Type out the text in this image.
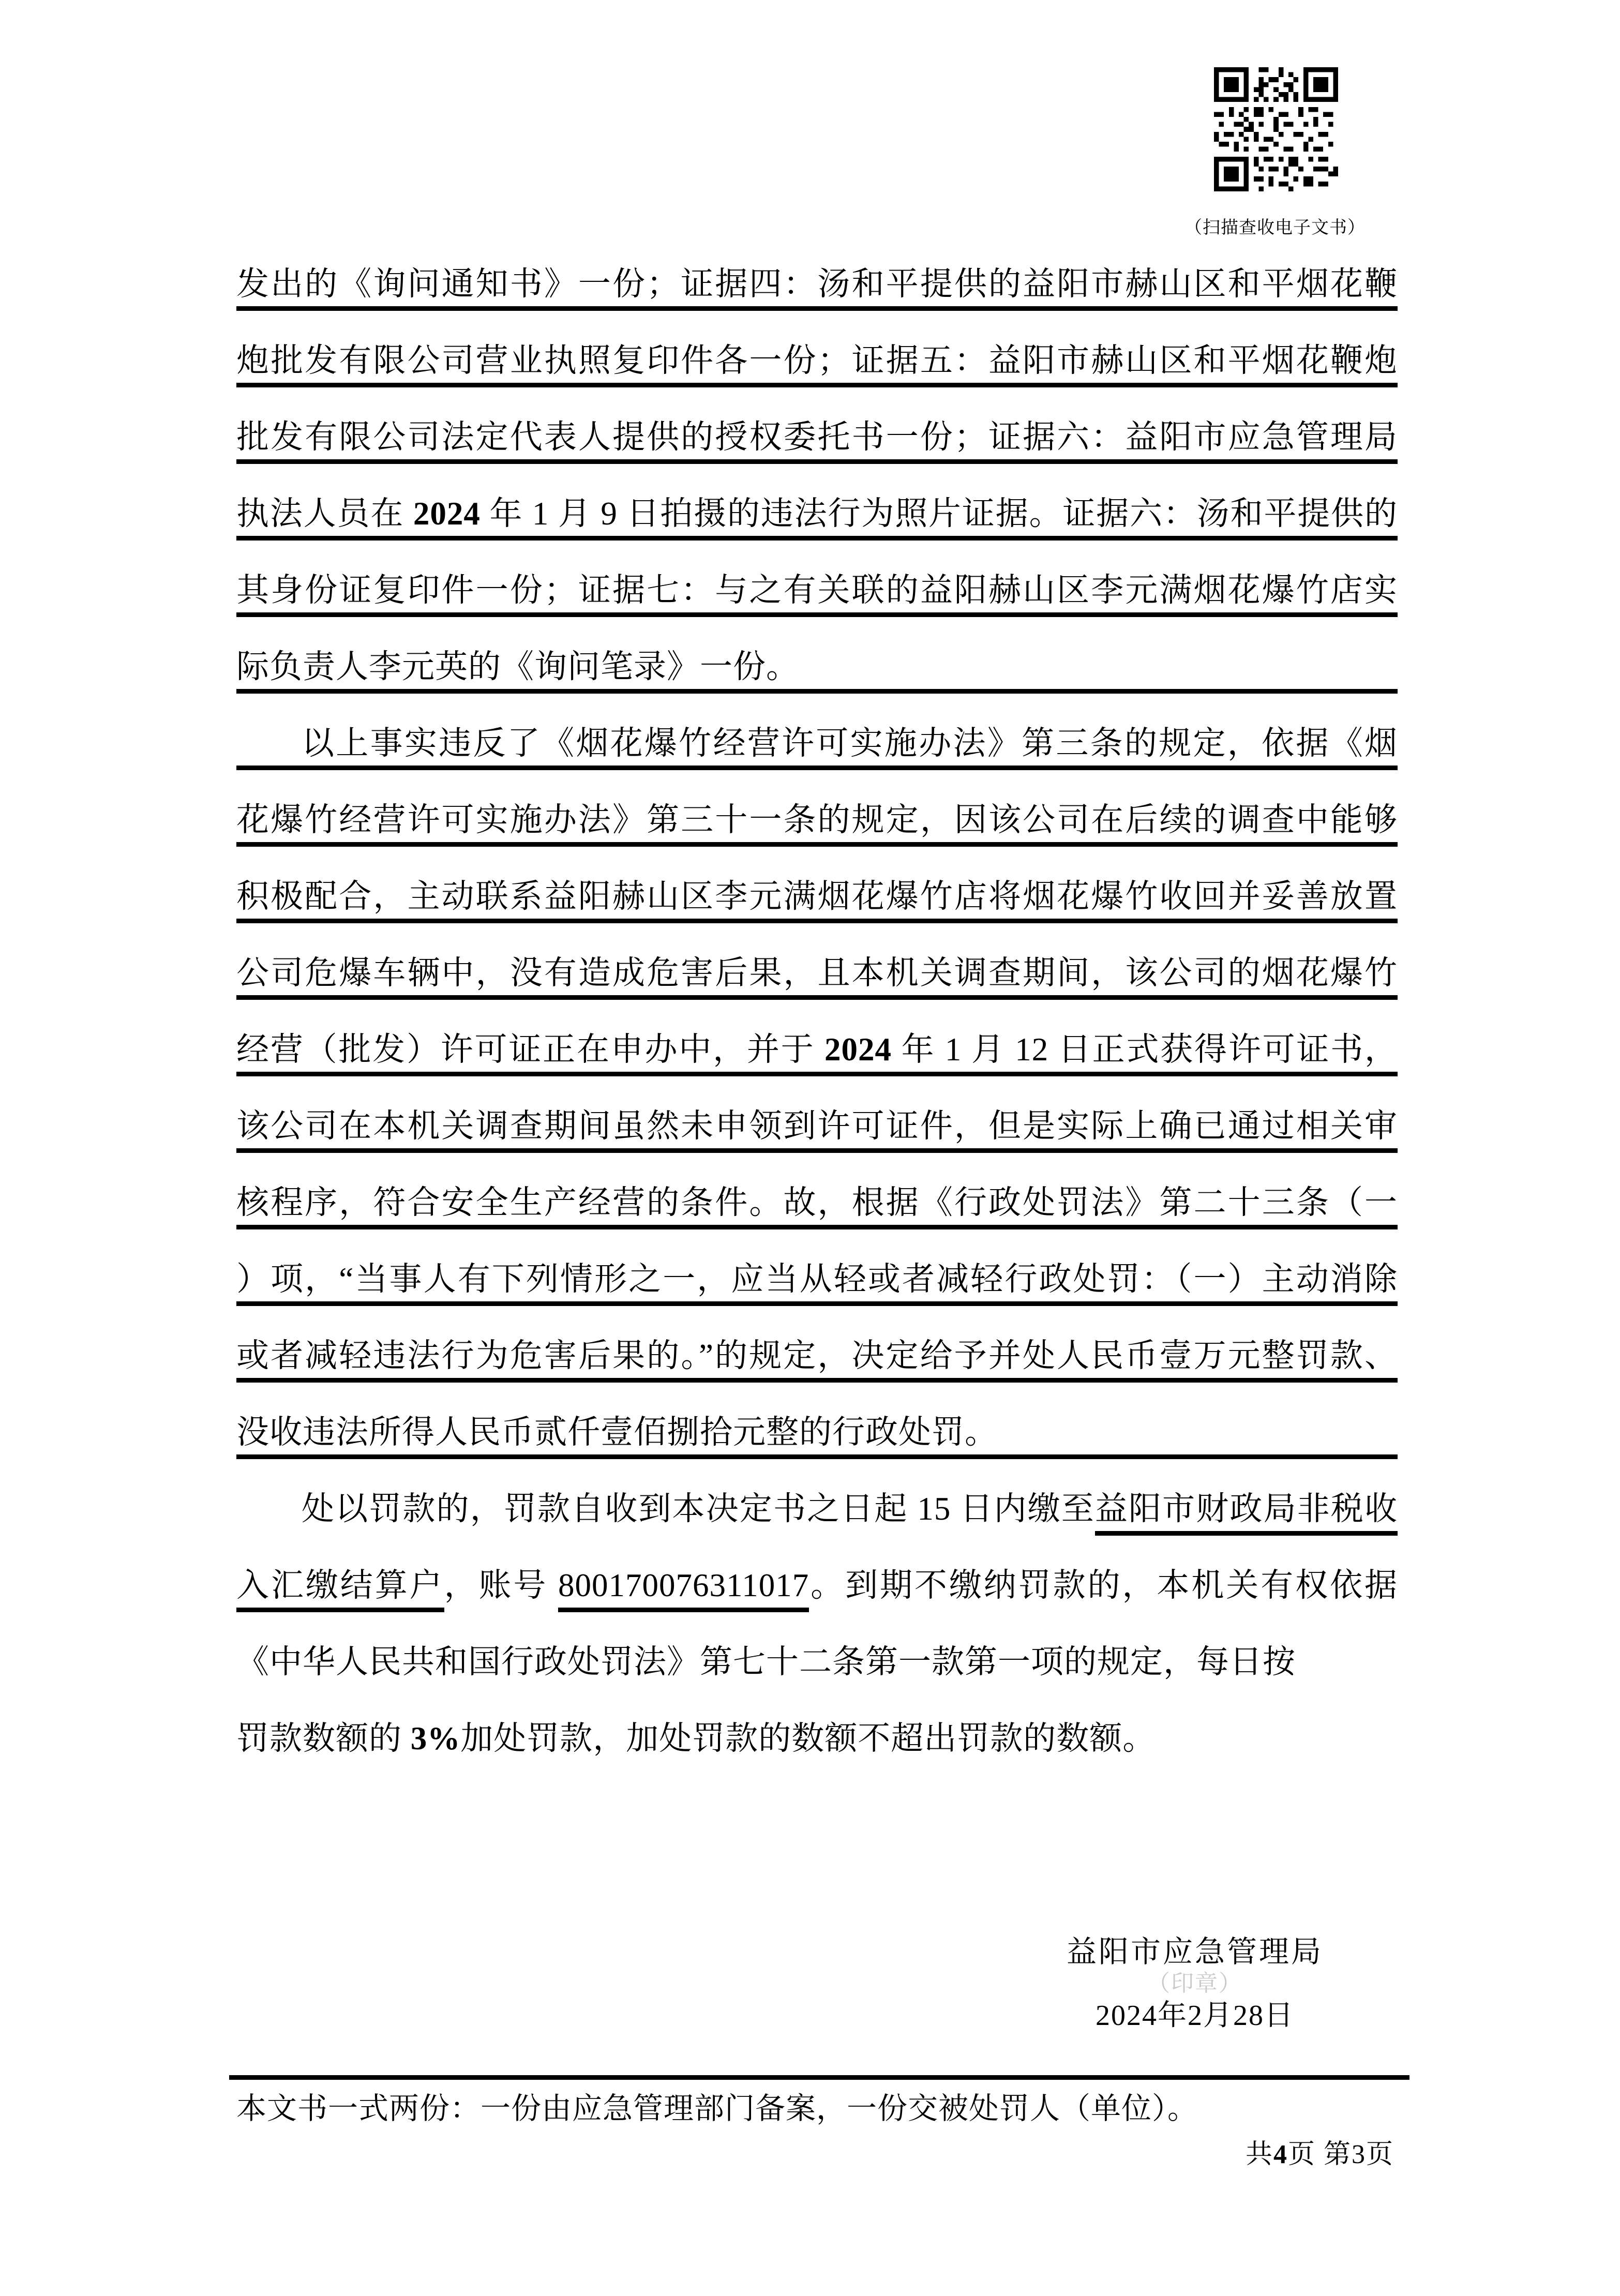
（扫描查收电子文书）
发出的《询问通知书》一份；证据四：汤和平提供的益阳市赫山区和平烟花鞭
炮批发有限公司营业执照复印件各一份；证据五：益阳市赫山区和平烟花鞭炮
批发有限公司法定代表人提供的授权委托书一份；证据六：益阳市应急管理局
执法人员在 2024 年 1 月 9 日拍摄的违法行为照片证据。证据六：汤和平提供的
其身份证复印件一份；证据七：与之有关联的益阳赫山区李元满烟花爆竹店实
际负责人李元英的《询问笔录》一份。
以上事实违反了《烟花爆竹经营许可实施办法》第三条的规定，依据《烟
花爆竹经营许可实施办法》第三十一条的规定，因该公司在后续的调查中能够
积极配合，主动联系益阳赫山区李元满烟花爆竹店将烟花爆竹收回并妥善放置
公司危爆车辆中，没有造成危害后果，且本机关调查期间，该公司的烟花爆竹
经营（批发）许可证正在申办中，并于 2024 年 1 月 12 日正式获得许可证书，
该公司在本机关调查期间虽然未申领到许可证件，但是实际上确已通过相关审
核程序，符合安全生产经营的条件。故，根据《行政处罚法》第二十三条（一
）项，“当事人有下列情形之一，应当从轻或者减轻行政处罚：（一）主动消除
或者减轻违法行为危害后果的。”的规定，决定给予并处人民币壹万元整罚款、
没收违法所得人民币贰仟壹佰捌拾元整的行政处罚。
处以罚款的，罚款自收到本决定书之日起 15 日内缴至益阳市财政局非税收
入汇缴结算户，账号 800170076311017。到期不缴纳罚款的，本机关有权依据
《中华人民共和国行政处罚法》第七十二条第一款第一项的规定，每日按
罚款数额的 3%加处罚款，加处罚款的数额不超出罚款的数额。
益阳市应急管理局
（印章）
2024年2月28日
本文书一式两份：一份由应急管理部门备案，一份交被处罚人（单位）。
共4页 第3页
